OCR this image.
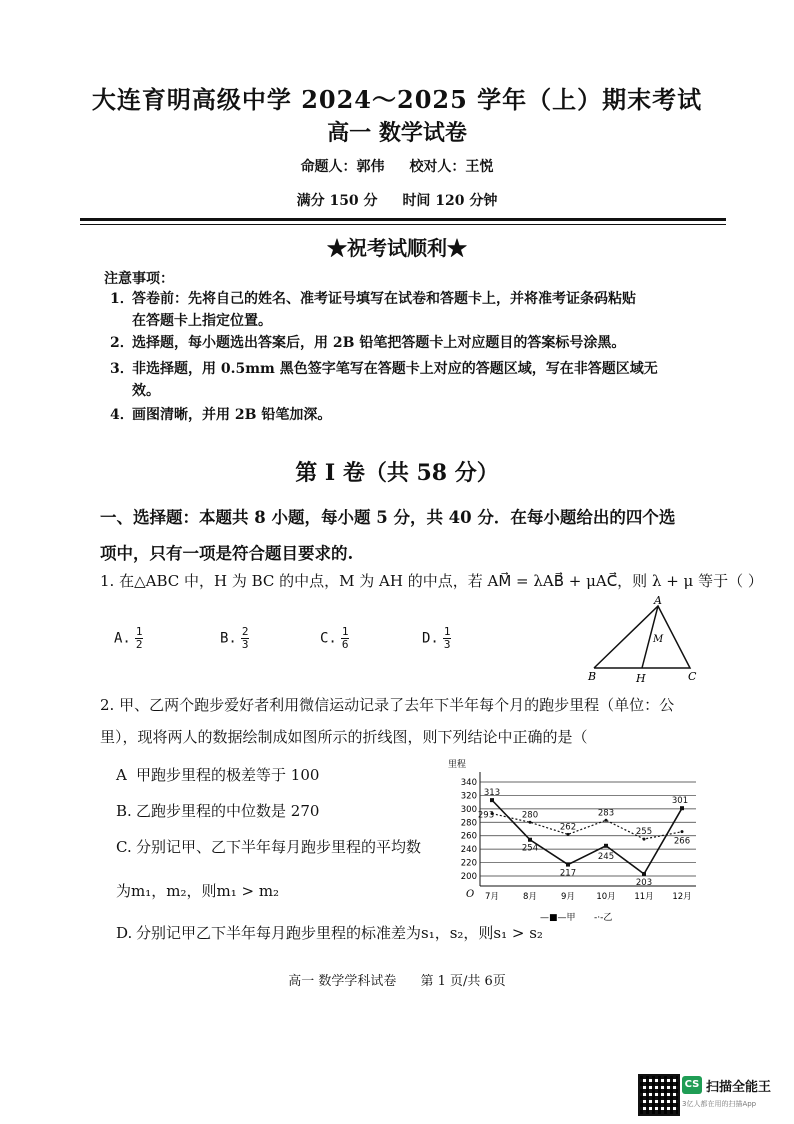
大连育明高级中学 2024～2025 学年（上）期末考试
高一 数学试卷
命题人：郭伟 校对人：王悦
满分 150 分 时间 120 分钟
★祝考试顺利★
注意事项：
1．答卷前：先将自己的姓名、准考证号填写在试卷和答题卡上，并将准考证条码粘贴
在答题卡上指定位置。
2．选择题，每小题选出答案后，用 2B 铅笔把答题卡上对应题目的答案标号涂黑。
3．非选择题，用 0.5mm 黑色签字笔写在答题卡上对应的答题区域，写在非答题区域无
效。
4．画图清晰，并用 2B 铅笔加深。
第 I 卷（共 58 分）
一、选择题：本题共 8 小题，每小题 5 分，共 40 分．在每小题给出的四个选
项中，只有一项是符合题目要求的.
1. 在△ABC 中，H 为 BC 的中点，M 为 AH 的中点，若 AM⃗ = λAB⃗ + μAC⃗，则 λ + μ 等于（ ）
A. $\frac{1}{2}$	B. $\frac{2}{3}$	C. $\frac{1}{6}$	D. $\frac{1}{3}$
A
B	C
H
M
2. 甲、乙两个跑步爱好者利用微信运动记录了去年下半年每个月的跑步里程（单位：公
里），现将两人的数据绘制成如图所示的折线图，则下列结论中正确的是（
A 甲跑步里程的极差等于 100
B. 乙跑步里程的中位数是 270
C. 分别记甲、乙下半年每月跑步里程的平均数
为m₁，m₂，则m₁ > m₂
D. 分别记甲乙下半年每月跑步里程的标准差为s₁，s₂，则s₁ > s₂
里程
O
313
254
217
245
203
301
293	280
262
283
255
266
200
220
240
260
280
300
320
340
7月	8月	9月	10月 11月 12月
—■—甲 -·-乙
高一 数学学科试卷 第 1 页/共 6页
CS 扫描全能王
3亿人都在用的扫描App
